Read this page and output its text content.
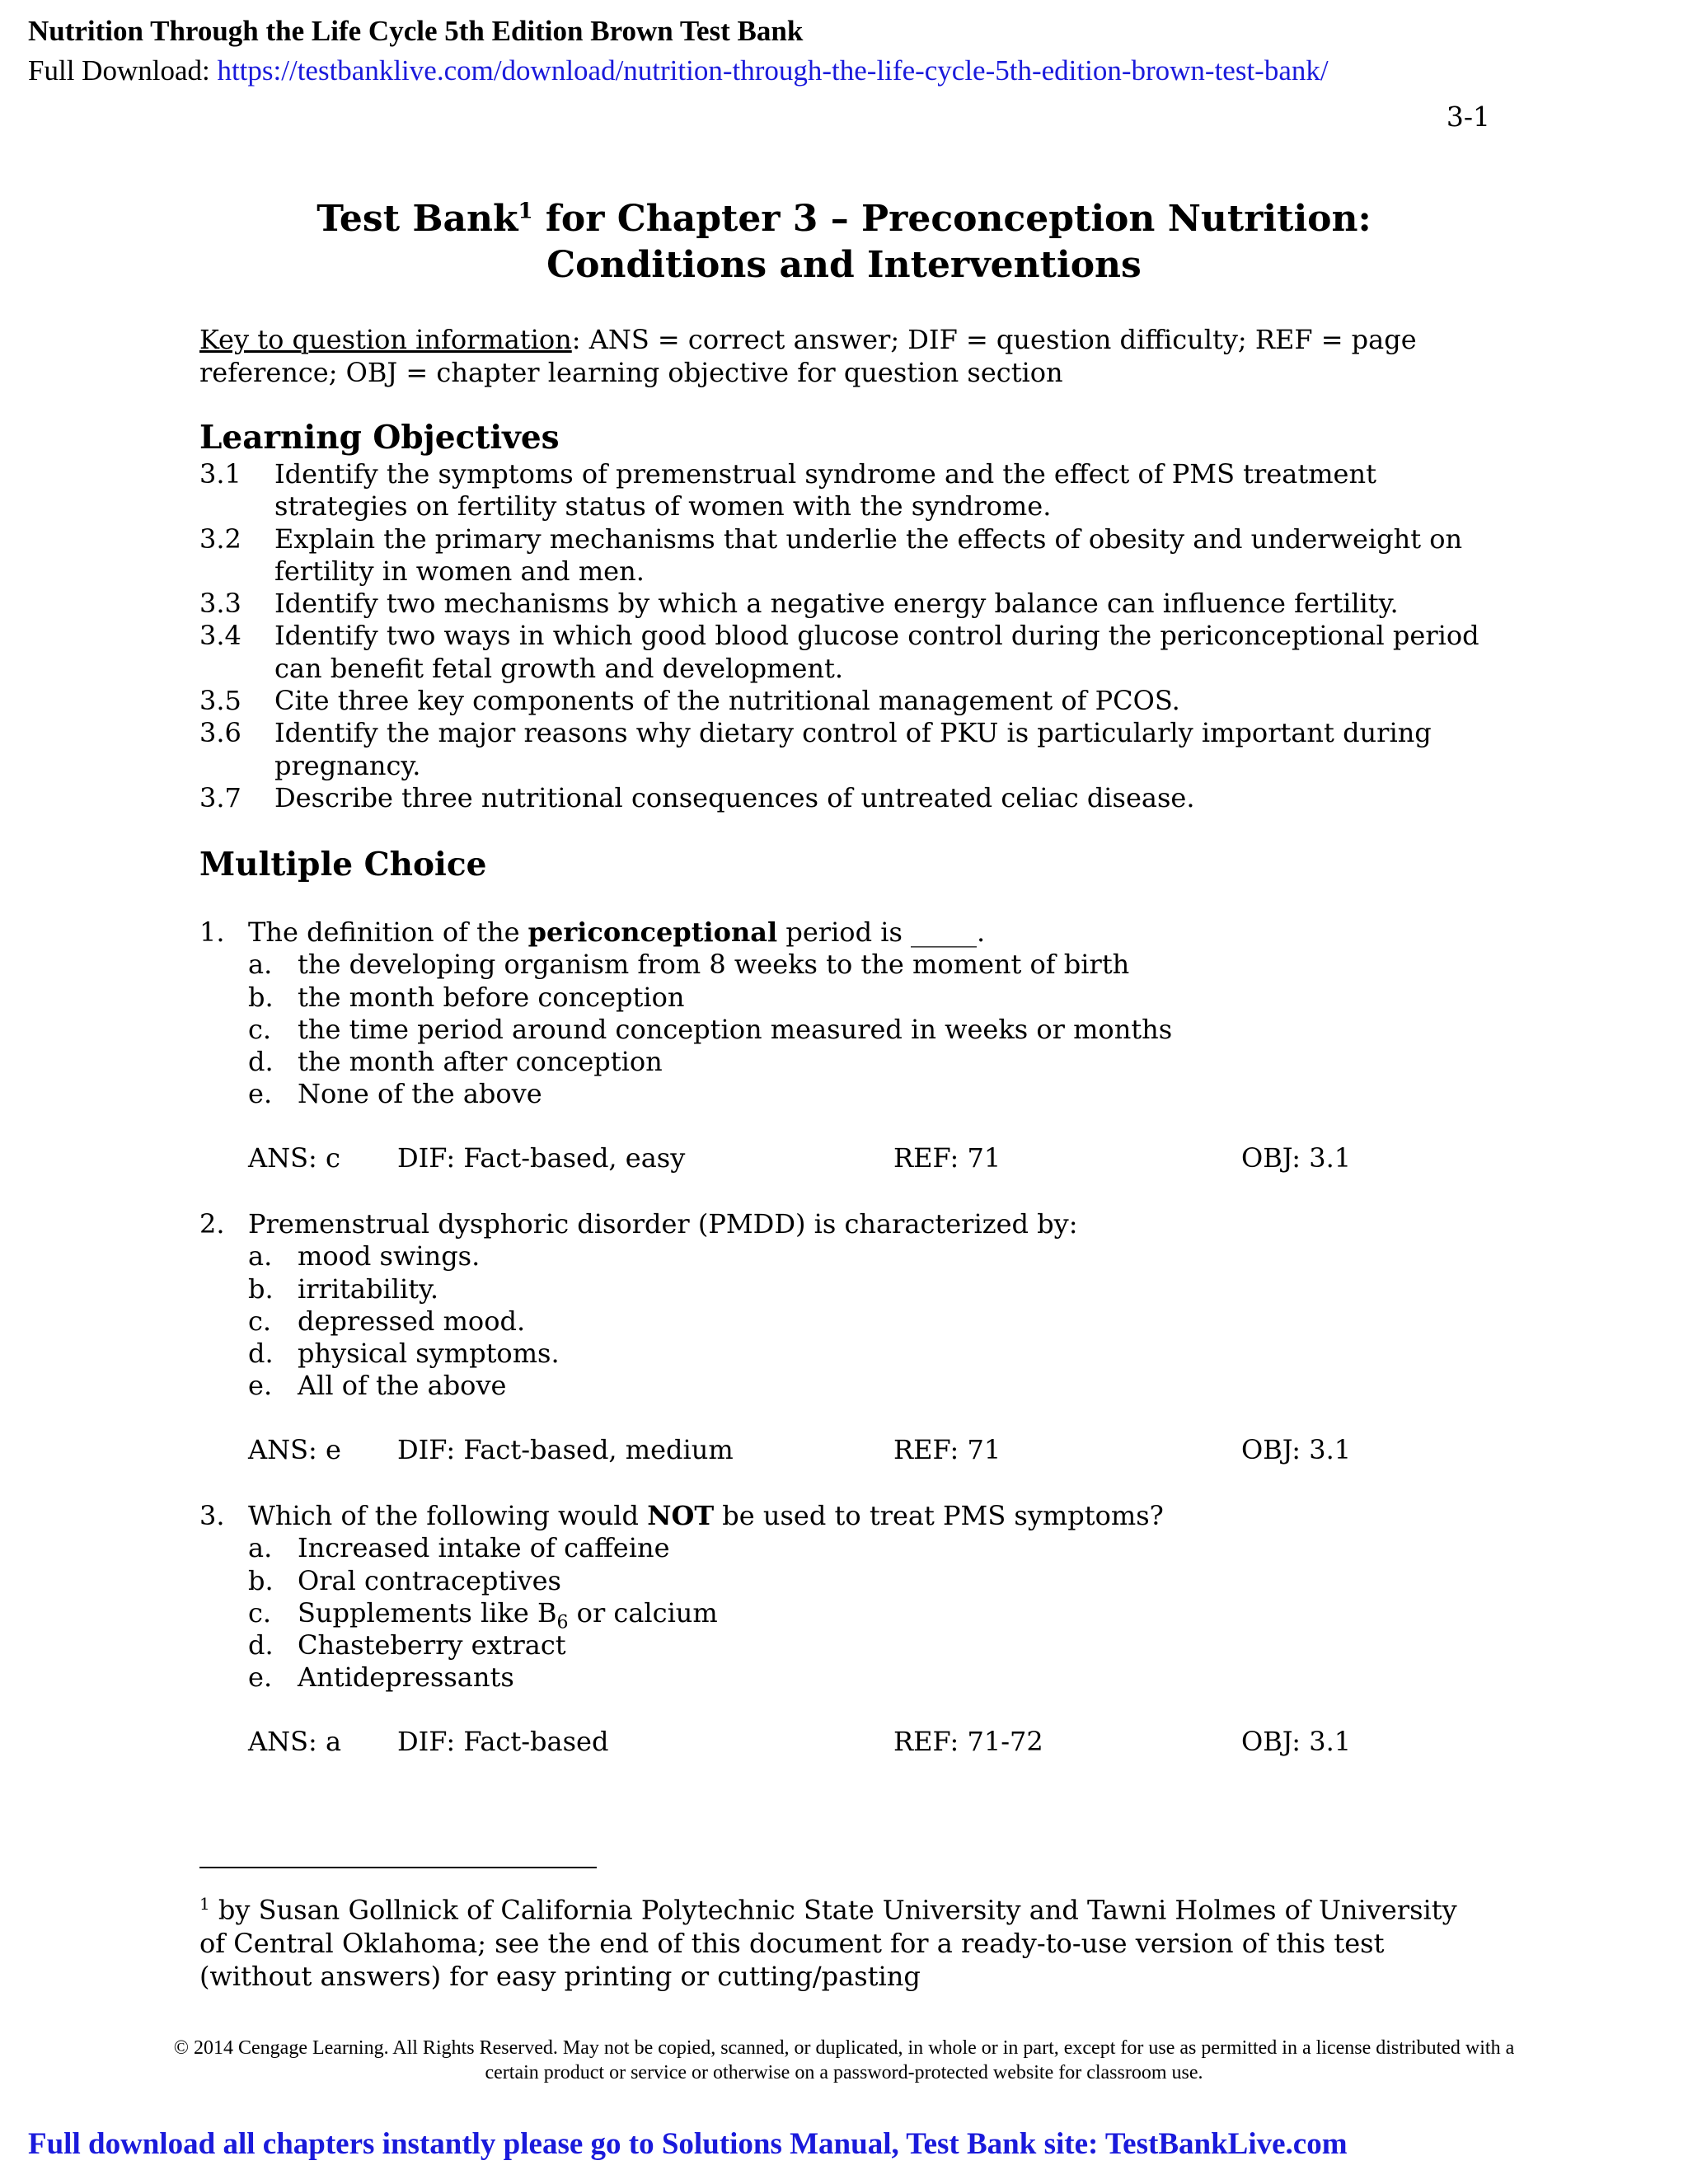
Nutrition Through the Life Cycle 5th Edition Brown Test Bank
Full Download: https://testbanklive.com/download/nutrition-through-the-life-cycle-5th-edition-brown-test-bank/
3-1
Test Bank$^1$ for Chapter 3 – Preconception Nutrition:
Conditions and Interventions
Key to question information: ANS = correct answer; DIF = question difficulty; REF = page reference; OBJ = chapter learning objective for question section
Learning Objectives
3.1 Identify the symptoms of premenstrual syndrome and the effect of PMS treatment strategies on fertility status of women with the syndrome.
3.2 Explain the primary mechanisms that underlie the effects of obesity and underweight on fertility in women and men.
3.3 Identify two mechanisms by which a negative energy balance can influence fertility.
3.4 Identify two ways in which good blood glucose control during the periconceptional period can benefit fetal growth and development.
3.5 Cite three key components of the nutritional management of PCOS.
3.6 Identify the major reasons why dietary control of PKU is particularly important during pregnancy.
3.7 Describe three nutritional consequences of untreated celiac disease.
Multiple Choice
1. The definition of the periconceptional period is _____.
a. the developing organism from 8 weeks to the moment of birth
b. the month before conception
c. the time period around conception measured in weeks or months
d. the month after conception
e. None of the above
ANS: c DIF: Fact-based, easy	REF: 71	OBJ: 3.1
2. Premenstrual dysphoric disorder (PMDD) is characterized by:
a. mood swings.
b. irritability.
c. depressed mood.
d. physical symptoms.
e. All of the above
ANS: e DIF: Fact-based, medium	REF: 71	OBJ: 3.1
3. Which of the following would NOT be used to treat PMS symptoms?
a. Increased intake of caffeine
b. Oral contraceptives
c. Supplements like $B_6$ or calcium
d. Chasteberry extract
e. Antidepressants
ANS: a DIF: Fact-based	REF: 71-72	OBJ: 3.1
$^1$ by Susan Gollnick of California Polytechnic State University and Tawni Holmes of University of Central Oklahoma; see the end of this document for a ready-to-use version of this test (without answers) for easy printing or cutting/pasting
© 2014 Cengage Learning. All Rights Reserved. May not be copied, scanned, or duplicated, in whole or in part, except for use as permitted in a license distributed with a certain product or service or otherwise on a password-protected website for classroom use.
Full download all chapters instantly please go to Solutions Manual, Test Bank site: TestBankLive.com
